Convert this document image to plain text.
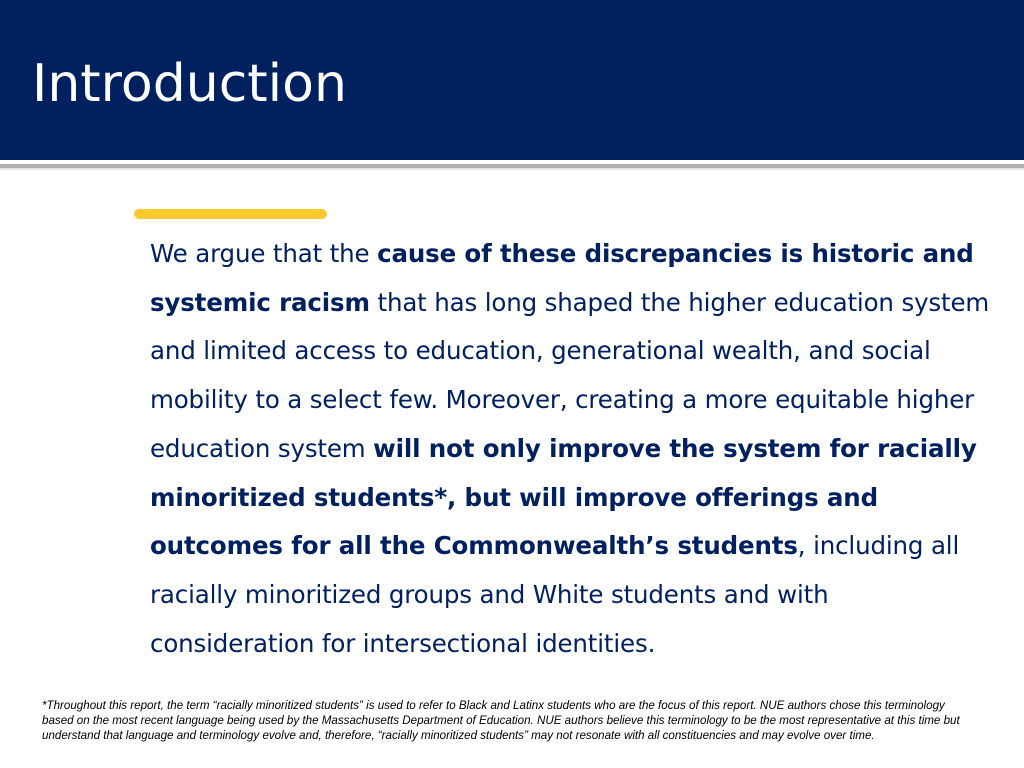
Introduction

We argue that the cause of these discrepancies is historic and systemic racism that has long shaped the higher education system and limited access to education, generational wealth, and social mobility to a select few. Moreover, creating a more equitable higher education system will not only improve the system for racially minoritized students*, but will improve offerings and outcomes for all the Commonwealth’s students, including all racially minoritized groups and White students and with consideration for intersectional identities.

*Throughout this report, the term “racially minoritized students” is used to refer to Black and Latinx students who are the focus of this report. NUE authors chose this terminology based on the most recent language being used by the Massachusetts Department of Education. NUE authors believe this terminology to be the most representative at this time but understand that language and terminology evolve and, therefore, “racially minoritized students” may not resonate with all constituencies and may evolve over time.
